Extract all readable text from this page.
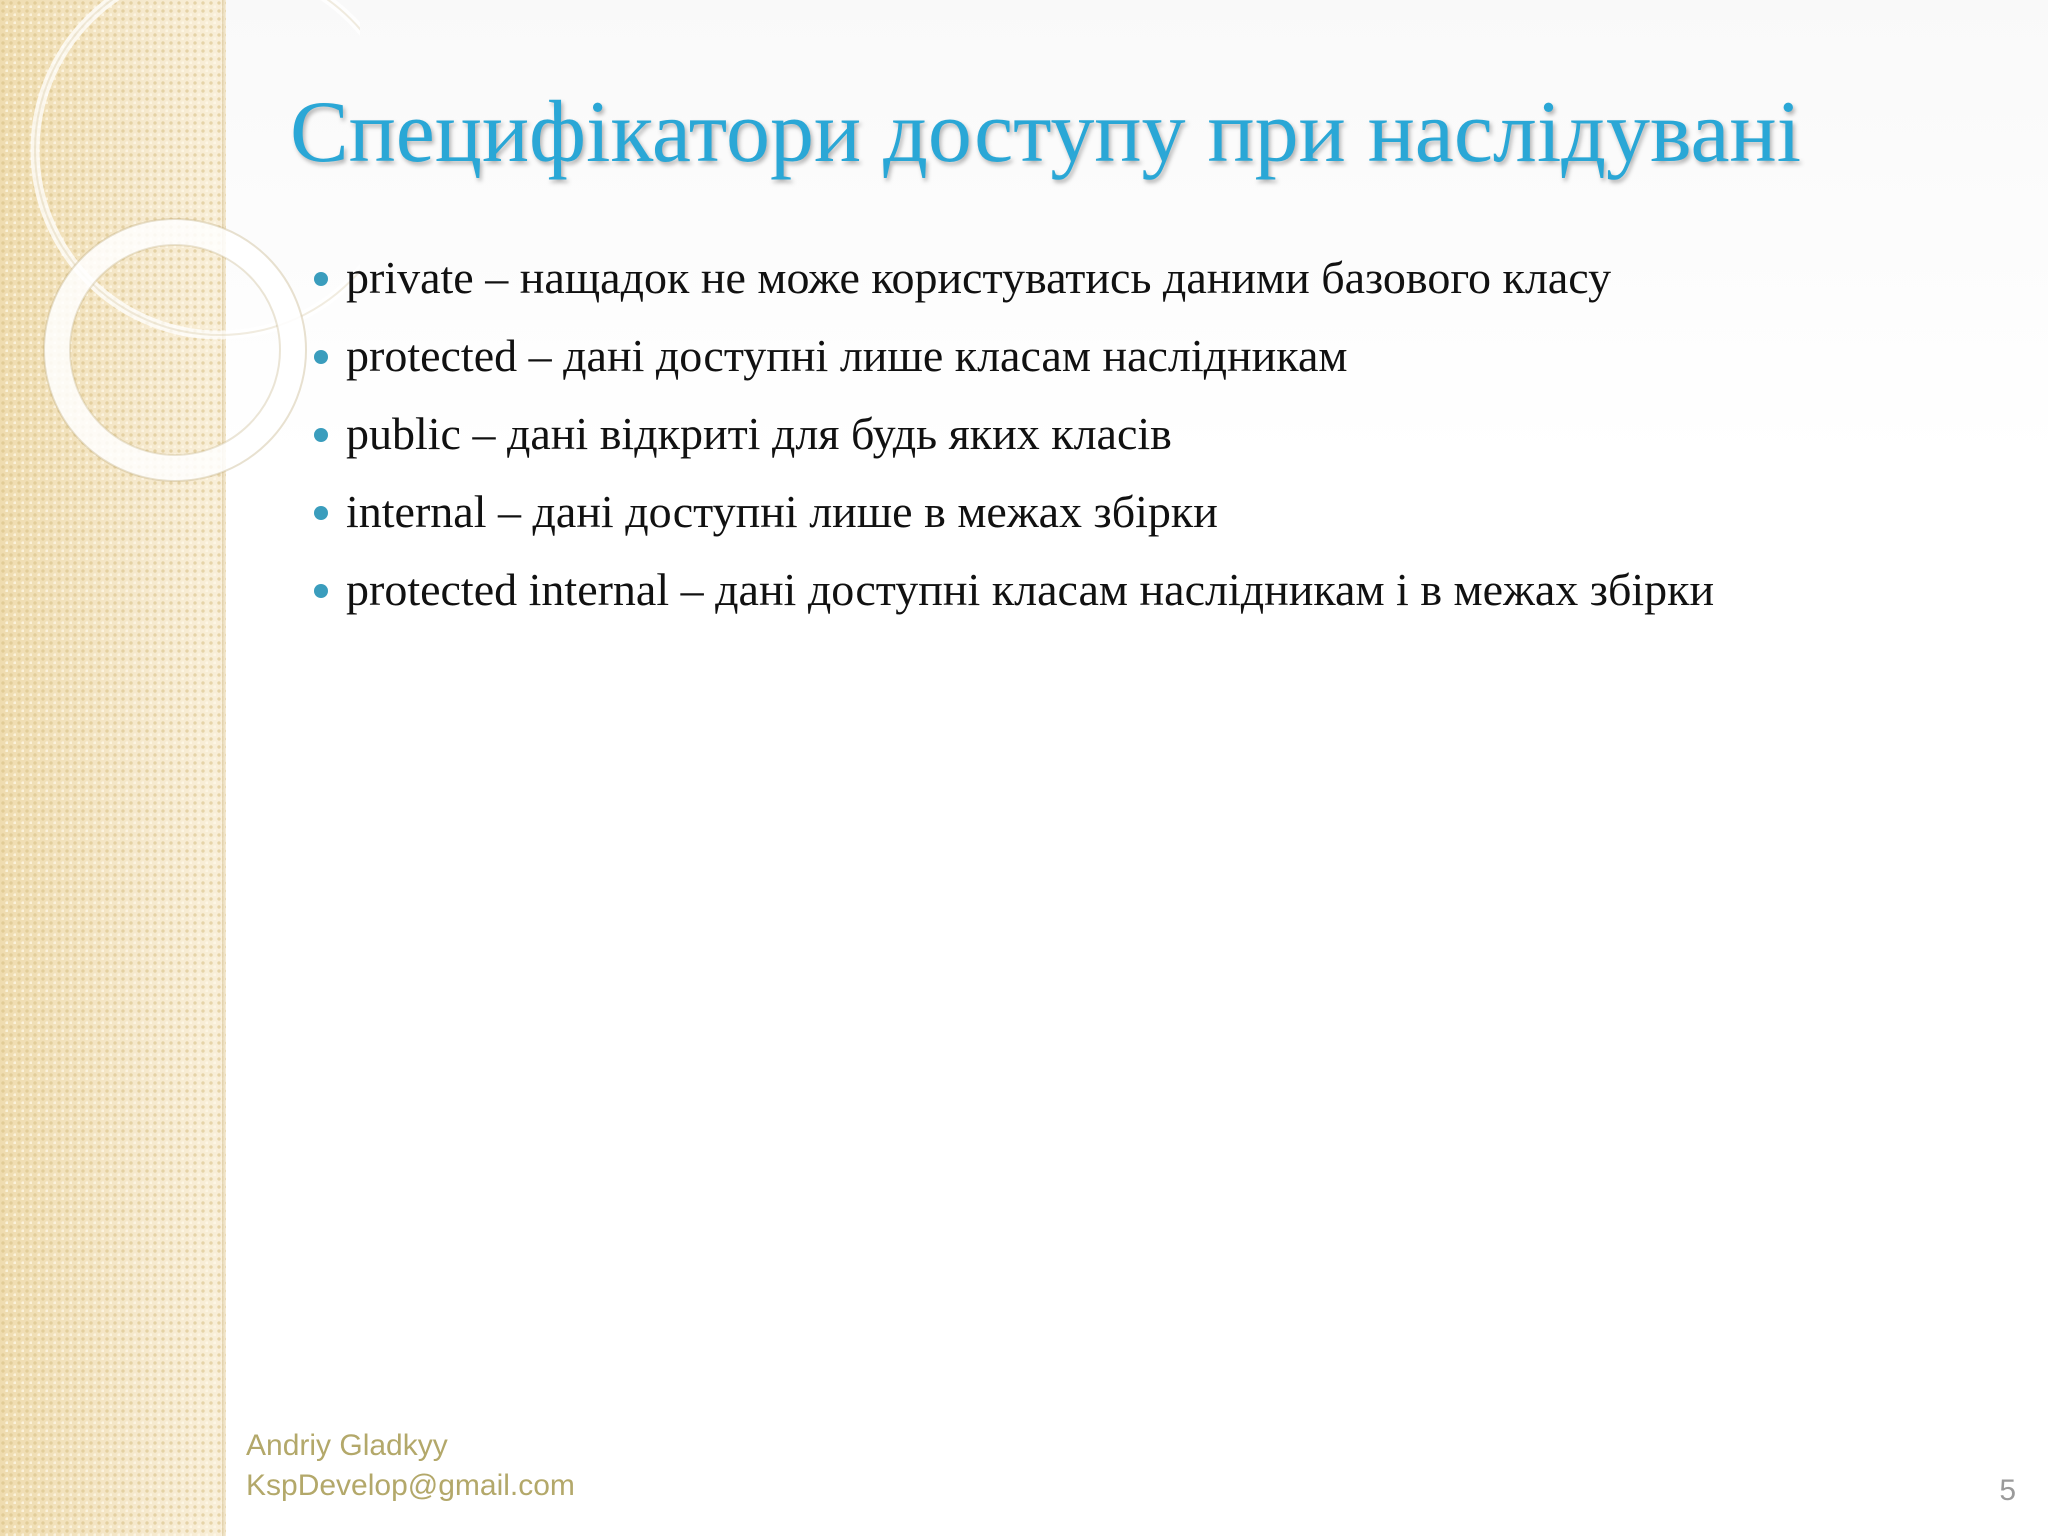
Специфікатори доступу при наслідувані
private – нащадок не може користуватись даними базового класу
protected – дані доступні лише класам наслідникам
public – дані відкриті для будь яких класів
internal – дані доступні лише в межах збірки
protected internal – дані доступні класам наслідникам і в межах збірки
Andriy Gladkyy
KspDevelop@gmail.com	5
